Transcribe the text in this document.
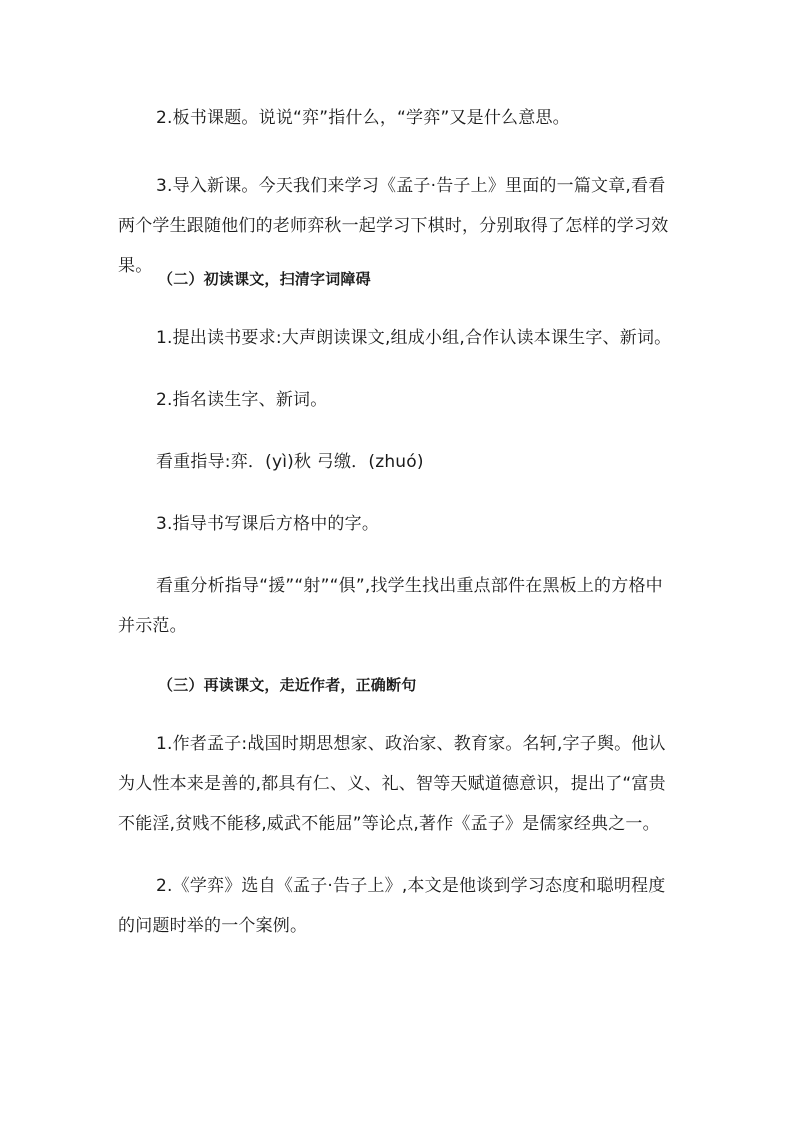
2.板书课题。说说“弈”指什么，“学弈”又是什么意思。

3.导入新课。今天我们来学习《孟子·告子上》里面的一篇文章,看看两个学生跟随他们的老师弈秋一起学习下棋时，分别取得了怎样的学习效果。

（二）初读课文，扫清字词障碍

1.提出读书要求:大声朗读课文,组成小组,合作认读本课生字、新词。

2.指名读生字、新词。

看重指导:弈．(yì)秋 弓缴．(zhuó)

3.指导书写课后方格中的字。

看重分析指导“援”“射”“俱”,找学生找出重点部件在黑板上的方格中并示范。

（三）再读课文，走近作者，正确断句

1.作者孟子:战国时期思想家、政治家、教育家。名轲,字子舆。他认为人性本来是善的,都具有仁、义、礼、智等天赋道德意识，提出了“富贵不能淫,贫贱不能移,威武不能屈”等论点,著作《孟子》是儒家经典之一。

2.《学弈》选自《孟子·告子上》,本文是他谈到学习态度和聪明程度的问题时举的一个案例。
